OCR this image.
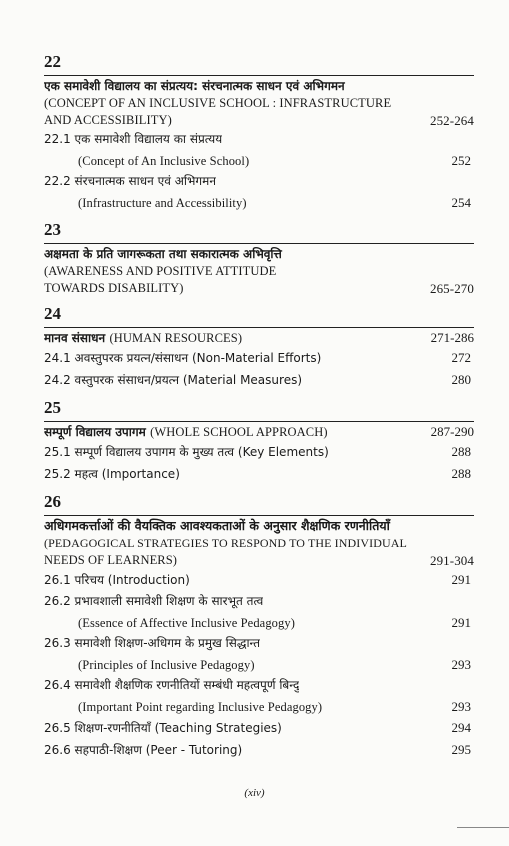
22
एक समावेशी विद्यालय का संप्रत्यय: संरचनात्मक साधन एवं अभिगमन
(CONCEPT OF AN INCLUSIVE SCHOOL : INFRASTRUCTURE
AND ACCESSIBILITY)	252-264
22.1 एक समावेशी विद्यालय का संप्रत्यय
(Concept of An Inclusive School)	252
22.2 संरचनात्मक साधन एवं अभिगमन
(Infrastructure and Accessibility)	254
23
अक्षमता के प्रति जागरूकता तथा सकारात्मक अभिवृत्ति
(AWARENESS AND POSITIVE ATTITUDE
TOWARDS DISABILITY)	265-270
24
मानव संसाधन (HUMAN RESOURCES)	271-286
24.1 अवस्तुपरक प्रयत्न/संसाधन (Non-Material Efforts)	272
24.2 वस्तुपरक संसाधन/प्रयत्न (Material Measures)	280
25
सम्पूर्ण विद्यालय उपागम (WHOLE SCHOOL APPROACH)	287-290
25.1 सम्पूर्ण विद्यालय उपागम के मुख्य तत्व (Key Elements)	288
25.2 महत्व (Importance)	288
26
अधिगमकर्त्ताओं की वैयक्तिक आवश्यकताओं के अनुसार शैक्षणिक रणनीतियाँ
(PEDAGOGICAL STRATEGIES TO RESPOND TO THE INDIVIDUAL
NEEDS OF LEARNERS)	291-304
26.1 परिचय (Introduction)	291
26.2 प्रभावशाली समावेशी शिक्षण के सारभूत तत्व
(Essence of Affective Inclusive Pedagogy)	291
26.3 समावेशी शिक्षण-अधिगम के प्रमुख सिद्धान्त
(Principles of Inclusive Pedagogy)	293
26.4 समावेशी शैक्षणिक रणनीतियों सम्बंधी महत्वपूर्ण बिन्दु
(Important Point regarding Inclusive Pedagogy)	293
26.5 शिक्षण-रणनीतियाँ (Teaching Strategies)	294
26.6 सहपाठी-शिक्षण (Peer - Tutoring)	295
(xiv)
